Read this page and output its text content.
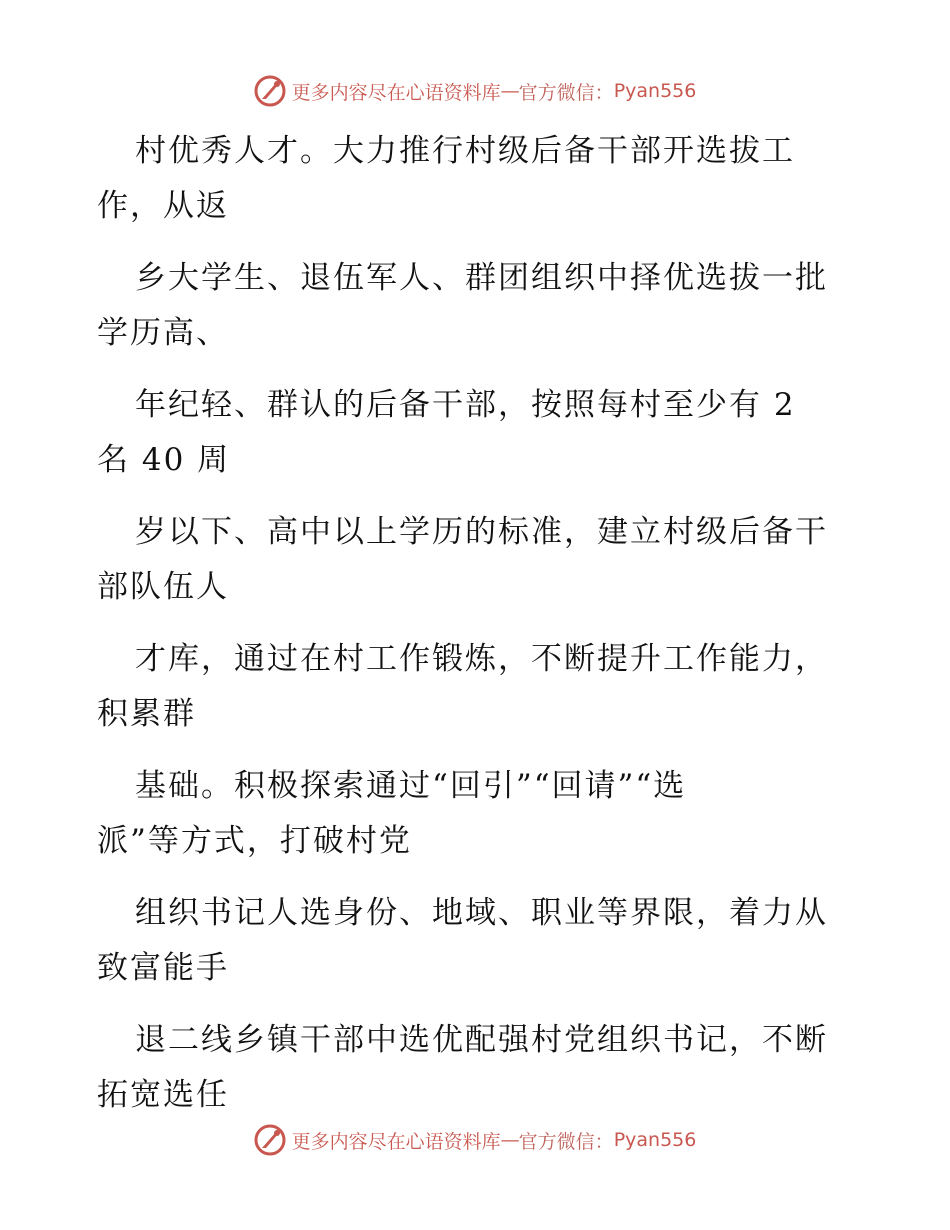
更多内容尽在心语资料库 — 官方微信： Pyan556

村优秀人才。大力推行村级后备干部开选拔工
作，从返

乡大学生、退伍军人、群团组织中择优选拔一批
学历高、

年纪轻、群认的后备干部，按照每村至少有 2
名 40 周

岁以下、高中以上学历的标准，建立村级后备干
部队伍人

才库，通过在村工作锻炼，不断提升工作能力，
积累群

基础。积极探索通过“回引”“回请”“选
派”等方式，打破村党

组织书记人选身份、地域、职业等界限，着力从
致富能手

退二线乡镇干部中选优配强村党组织书记，不断
拓宽选任

更多内容尽在心语资料库 — 官方微信： Pyan556
